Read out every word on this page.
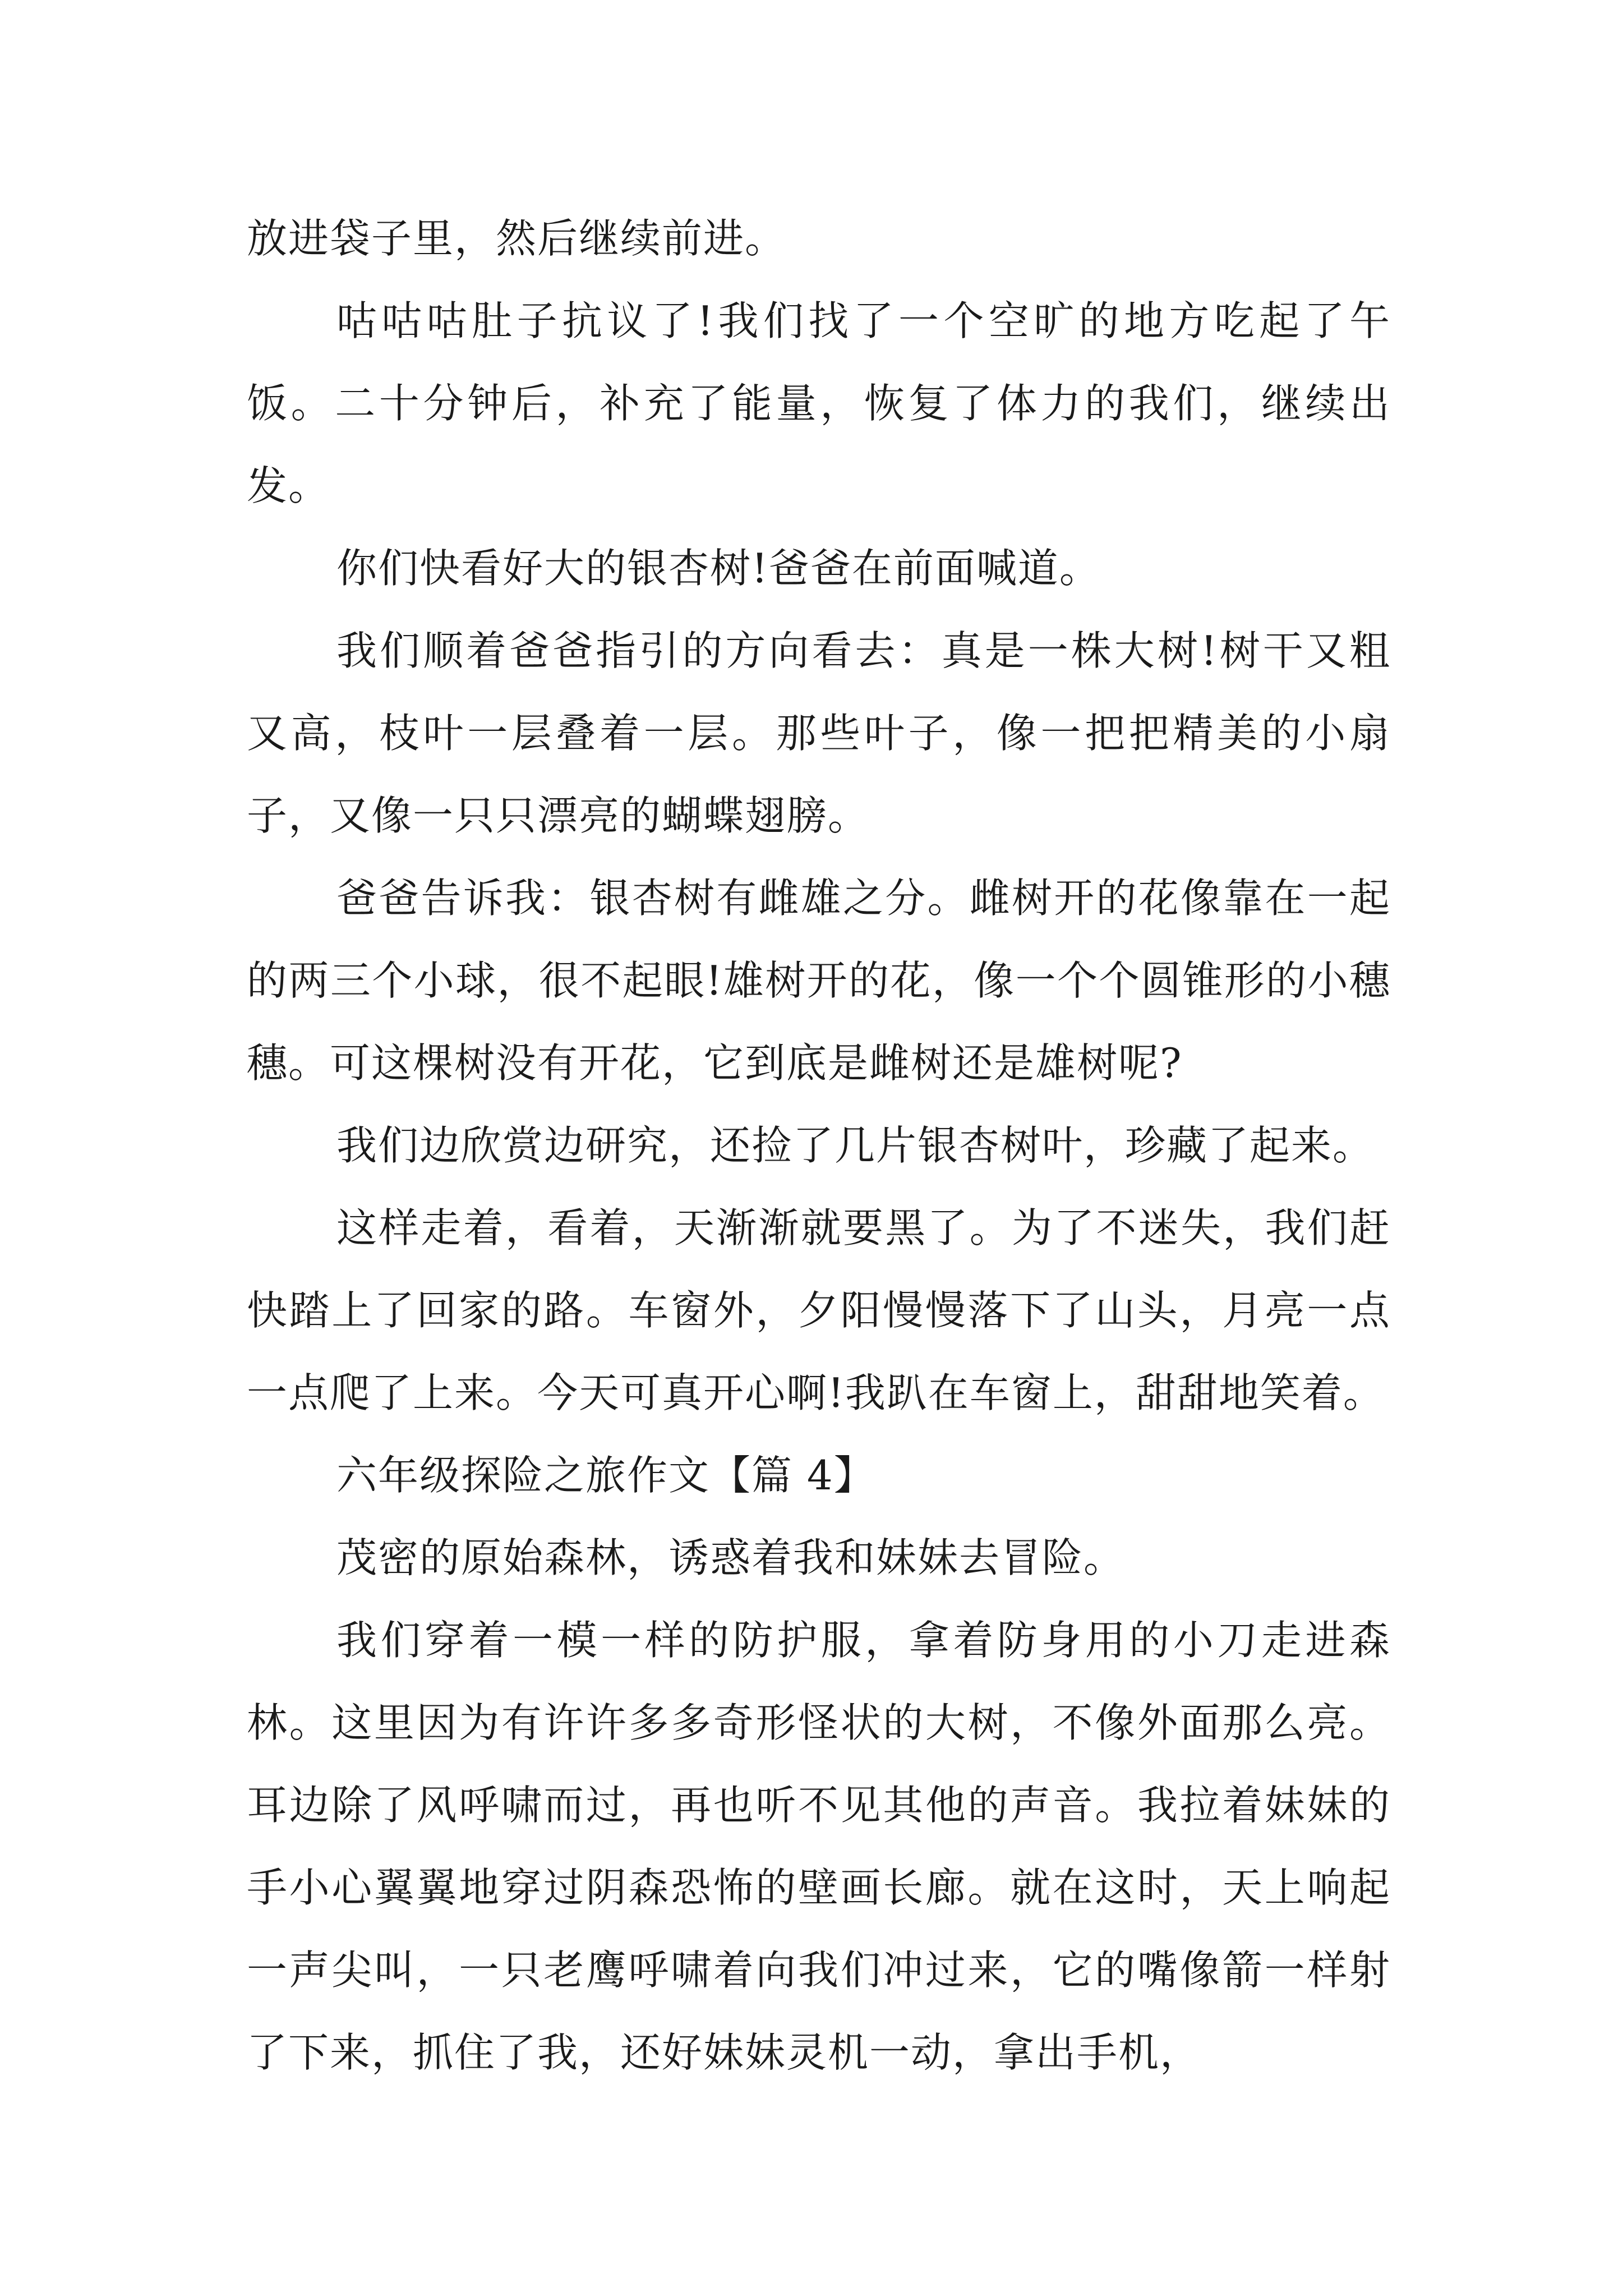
放进袋子里，然后继续前进。

咕咕咕肚子抗议了!我们找了一个空旷的地方吃起了午饭。二十分钟后，补充了能量，恢复了体力的我们，继续出发。

你们快看好大的银杏树!爸爸在前面喊道。

我们顺着爸爸指引的方向看去：真是一株大树!树干又粗又高，枝叶一层叠着一层。那些叶子，像一把把精美的小扇子，又像一只只漂亮的蝴蝶翅膀。

爸爸告诉我：银杏树有雌雄之分。雌树开的花像靠在一起的两三个小球，很不起眼!雄树开的花，像一个个圆锥形的小穗穗。可这棵树没有开花，它到底是雌树还是雄树呢?

我们边欣赏边研究，还捡了几片银杏树叶，珍藏了起来。

这样走着，看着，天渐渐就要黑了。为了不迷失，我们赶快踏上了回家的路。车窗外，夕阳慢慢落下了山头，月亮一点一点爬了上来。今天可真开心啊!我趴在车窗上，甜甜地笑着。

六年级探险之旅作文【篇 4】

茂密的原始森林，诱惑着我和妹妹去冒险。

我们穿着一模一样的防护服，拿着防身用的小刀走进森林。这里因为有许许多多奇形怪状的大树，不像外面那么亮。耳边除了风呼啸而过，再也听不见其他的声音。我拉着妹妹的手小心翼翼地穿过阴森恐怖的壁画长廊。就在这时，天上响起一声尖叫，一只老鹰呼啸着向我们冲过来，它的嘴像箭一样射了下来，抓住了我，还好妹妹灵机一动，拿出手机，
